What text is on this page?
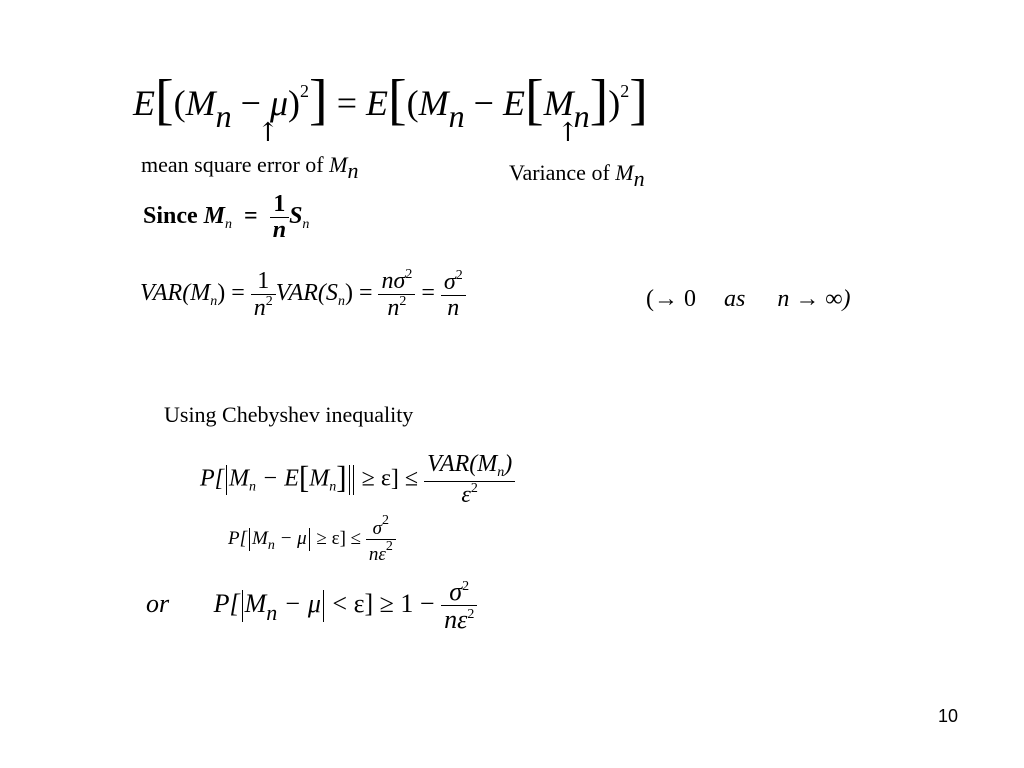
$E[(Mn - \mu)^2] = E[(Mn - E[Mn])^2]$
↑	↑
mean square error of Mn	Variance of Mn
Since $M_n = \frac{1}{n} S_n$
$VAR(M_n) = \frac{1}{n^2} VAR(S_n) = \frac{n\sigma^2}{n^2} = \frac{\sigma^2}{n}$	(→ 0 as n → ∞)
Using Chebyshev inequality
P[ $M_n - E[M_n] \ge \varepsilon] \le \frac{VAR(M_n)}{\varepsilon^2}$
P[ $M_n - \mu \ge \varepsilon] \le \frac{\sigma^2}{n\varepsilon^2}$
or P[ $M_n - \mu < \varepsilon] \ge 1 - \frac{\sigma^2}{n\varepsilon^2}$
10
